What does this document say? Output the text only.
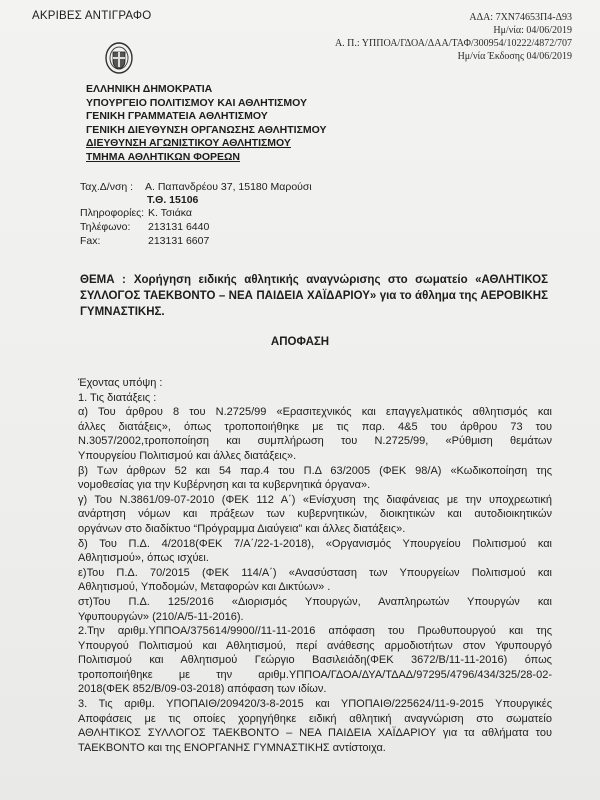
ΑΚΡΙΒΕΣ ΑΝΤΙΓΡΑΦΟ	ΑΔΑ: 7ΧΝ74653Π4-Δ93
Ημ/νία: 04/06/2019
Α. Π.: ΥΠΠΟΑ/ΓΔΟΑ/ΔΑΑ/ΤΑΦ/300954/10222/4872/707
Ημ/νία Έκδοσης 04/06/2019
ΕΛΛΗΝΙΚΗ ΔΗΜΟΚΡΑΤΙΑ
ΥΠΟΥΡΓΕΙΟ ΠΟΛΙΤΙΣΜΟΥ ΚΑΙ ΑΘΛΗΤΙΣΜΟΥ
ΓΕΝΙΚΗ ΓΡΑΜΜΑΤΕΙΑ ΑΘΛΗΤΙΣΜΟΥ
ΓΕΝΙΚΗ ΔΙΕΥΘΥΝΣΗ ΟΡΓΑΝΩΣΗΣ ΑΘΛΗΤΙΣΜΟΥ
ΔΙΕΥΘΥΝΣΗ ΑΓΩΝΙΣΤΙΚΟΥ ΑΘΛΗΤΙΣΜΟΥ
ΤΜΗΜΑ ΑΘΛΗΤΙΚΩΝ ΦΟΡΕΩΝ
Ταχ.Δ/νση : Α. Παπανδρέου 37, 15180 Μαρούσι
Τ.Θ. 15106
Πληροφορίες: Κ. Τσιάκα
Τηλέφωνο: 213131 6440
Fax:	213131 6607
ΘΕΜΑ : Χορήγηση ειδικής αθλητικής αναγνώρισης στο σωματείο «ΑΘΛΗΤΙΚΟΣ ΣΥΛΛΟΓΟΣ ΤΑΕΚΒΟΝΤΟ – ΝΕΑ ΠΑΙΔΕΙΑ ΧΑΪΔΑΡΙΟΥ» για το άθλημα της ΑΕΡΟΒΙΚΗΣ ΓΥΜΝΑΣΤΙΚΗΣ.
ΑΠΟΦΑΣΗ
Έχοντας υπόψη :
1. Τις διατάξεις :
α) Του άρθρου 8 του Ν.2725/99 «Ερασιτεχνικός και επαγγελματικός αθλητισμός και
άλλες διατάξεις», όπως τροποποιήθηκε με τις παρ. 4&5 του άρθρου 73 του
Ν.3057/2002,τροποποίηση και συμπλήρωση του Ν.2725/99, «Ρύθμιση θεμάτων
Υπουργείου Πολιτισμού και άλλες διατάξεις».
β) Των άρθρων 52 και 54 παρ.4 του Π.Δ 63/2005 (ΦΕΚ 98/Α) «Κωδικοποίηση της
νομοθεσίας για την Κυβέρνηση και τα κυβερνητικά όργανα».
γ) Του Ν.3861/09-07-2010 (ΦΕΚ 112 Α΄) «Ενίσχυση της διαφάνειας με την υποχρεωτική
ανάρτηση νόμων και πράξεων των κυβερνητικών, διοικητικών και αυτοδιοικητικών
οργάνων στο διαδίκτυο “Πρόγραμμα Διαύγεια” και άλλες διατάξεις».
δ) Του Π.Δ. 4/2018(ΦΕΚ 7/Α΄/22-1-2018), «Οργανισμός Υπουργείου Πολιτισμού και
Αθλητισμού», όπως ισχύει.
ε)Του Π.Δ. 70/2015 (ΦΕΚ 114/Α΄) «Ανασύσταση των Υπουργείων Πολιτισμού και
Αθλητισμού, Υποδομών, Μεταφορών και Δικτύων» .
στ)Του Π.Δ. 125/2016 «Διορισμός Υπουργών, Αναπληρωτών Υπουργών και
Υφυπουργών» (210/Α/5-11-2016).
2.Την αριθμ.ΥΠΠΟΑ/375614/9900//11-11-2016 απόφαση του Πρωθυπουργού και της
Υπουργού Πολιτισμού και Αθλητισμού, περί ανάθεσης αρμοδιοτήτων στον Υφυπουργό
Πολιτισμού και Αθλητισμού Γεώργιο Βασιλειάδη(ΦΕΚ 3672/Β/11-11-2016) όπως
τροποποιήθηκε με την αριθμ.ΥΠΠΟΑ/ΓΔΟΑ/ΔΥΑ/ΤΔΑΔ/97295/4796/434/325/28-02-
2018(ΦΕΚ 852/Β/09-03-2018) απόφαση των ιδίων.
3. Τις αριθμ. ΥΠΟΠΑΙΘ/209420/3-8-2015 και ΥΠΟΠΑΙΘ/225624/11-9-2015 Υπουργικές
Αποφάσεις με τις οποίες χορηγήθηκε ειδική αθλητική αναγνώριση στο σωματείο
ΑΘΛΗΤΙΚΟΣ ΣΥΛΛΟΓΟΣ ΤΑΕΚΒΟΝΤΟ – ΝΕΑ ΠΑΙΔΕΙΑ ΧΑΪΔΑΡΙΟΥ για τα αθλήματα του
ΤΑΕΚΒΟΝΤΟ και της ΕΝΟΡΓΑΝΗΣ ΓΥΜΝΑΣΤΙΚΗΣ αντίστοιχα.
